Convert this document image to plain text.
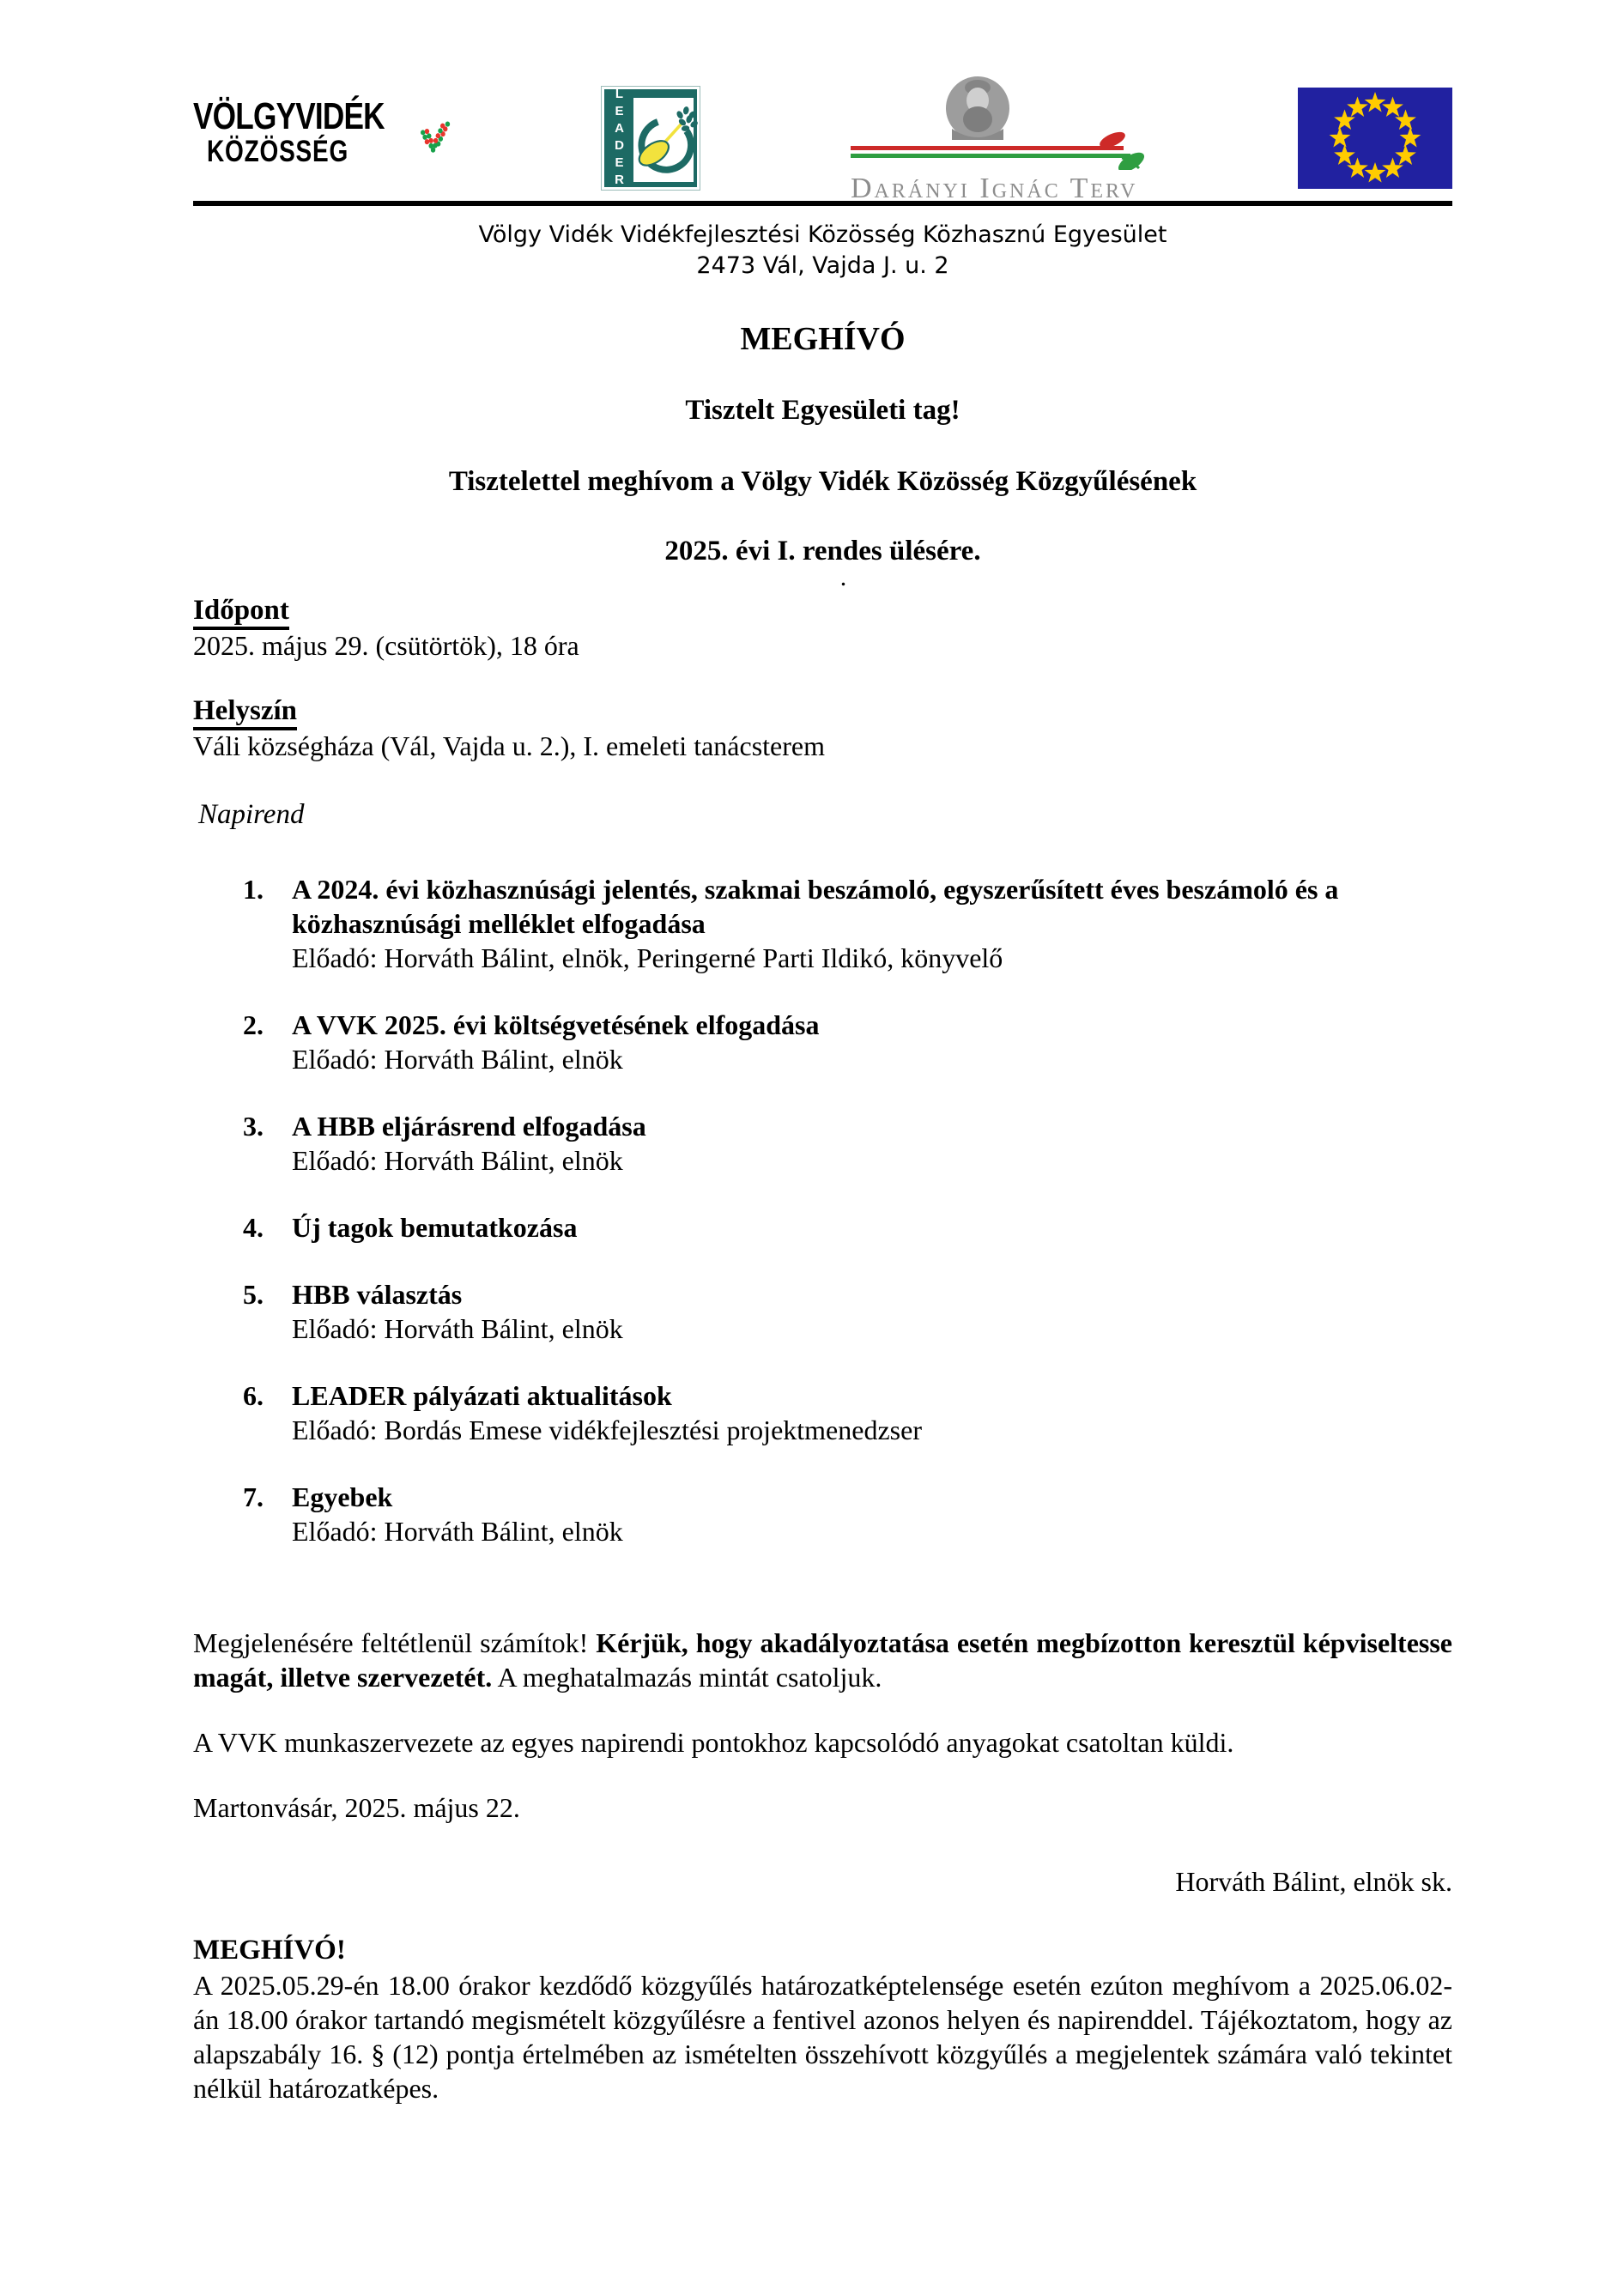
VÖLGYVIDÉK
KÖZÖSSÉG	LEADER	Darányi Ignác Terv
Völgy Vidék Vidékfejlesztési Közösség Közhasznú Egyesület
2473 Vál, Vajda J. u. 2
MEGHÍVÓ
Tisztelt Egyesületi tag!
Tisztelettel meghívom a Völgy Vidék Közösség Közgyűlésének
2025. évi I. rendes ülésére.
.
Időpont
2025. május 29. (csütörtök), 18 óra
Helyszín
Váli községháza (Vál, Vajda u. 2.), I. emeleti tanácsterem
Napirend
1.	A 2024. évi közhasznúsági jelentés, szakmai beszámoló, egyszerűsített éves beszámoló és a közhasznúsági melléklet elfogadása
Előadó: Horváth Bálint, elnök, Peringerné Parti Ildikó, könyvelő
2.	A VVK 2025. évi költségvetésének elfogadása
Előadó: Horváth Bálint, elnök
3.	A HBB eljárásrend elfogadása
Előadó: Horváth Bálint, elnök
4.	Új tagok bemutatkozása
5.	HBB választás
Előadó: Horváth Bálint, elnök
6.	LEADER pályázati aktualitások
Előadó: Bordás Emese vidékfejlesztési projektmenedzser
7.	Egyebek
Előadó: Horváth Bálint, elnök
Megjelenésére feltétlenül számítok! Kérjük, hogy akadályoztatása esetén megbízotton keresztül képviseltesse magát, illetve szervezetét. A meghatalmazás mintát csatoljuk.
A VVK munkaszervezete az egyes napirendi pontokhoz kapcsolódó anyagokat csatoltan küldi.
Martonvásár, 2025. május 22.
Horváth Bálint, elnök sk.
MEGHÍVÓ!
A 2025.05.29-én 18.00 órakor kezdődő közgyűlés határozatképtelensége esetén ezúton meghívom a 2025.06.02-án 18.00 órakor tartandó megismételt közgyűlésre a fentivel azonos helyen és napirenddel. Tájékoztatom, hogy az alapszabály 16. § (12) pontja értelmében az ismételten összehívott közgyűlés a megjelentek számára való tekintet nélkül határozatképes.
